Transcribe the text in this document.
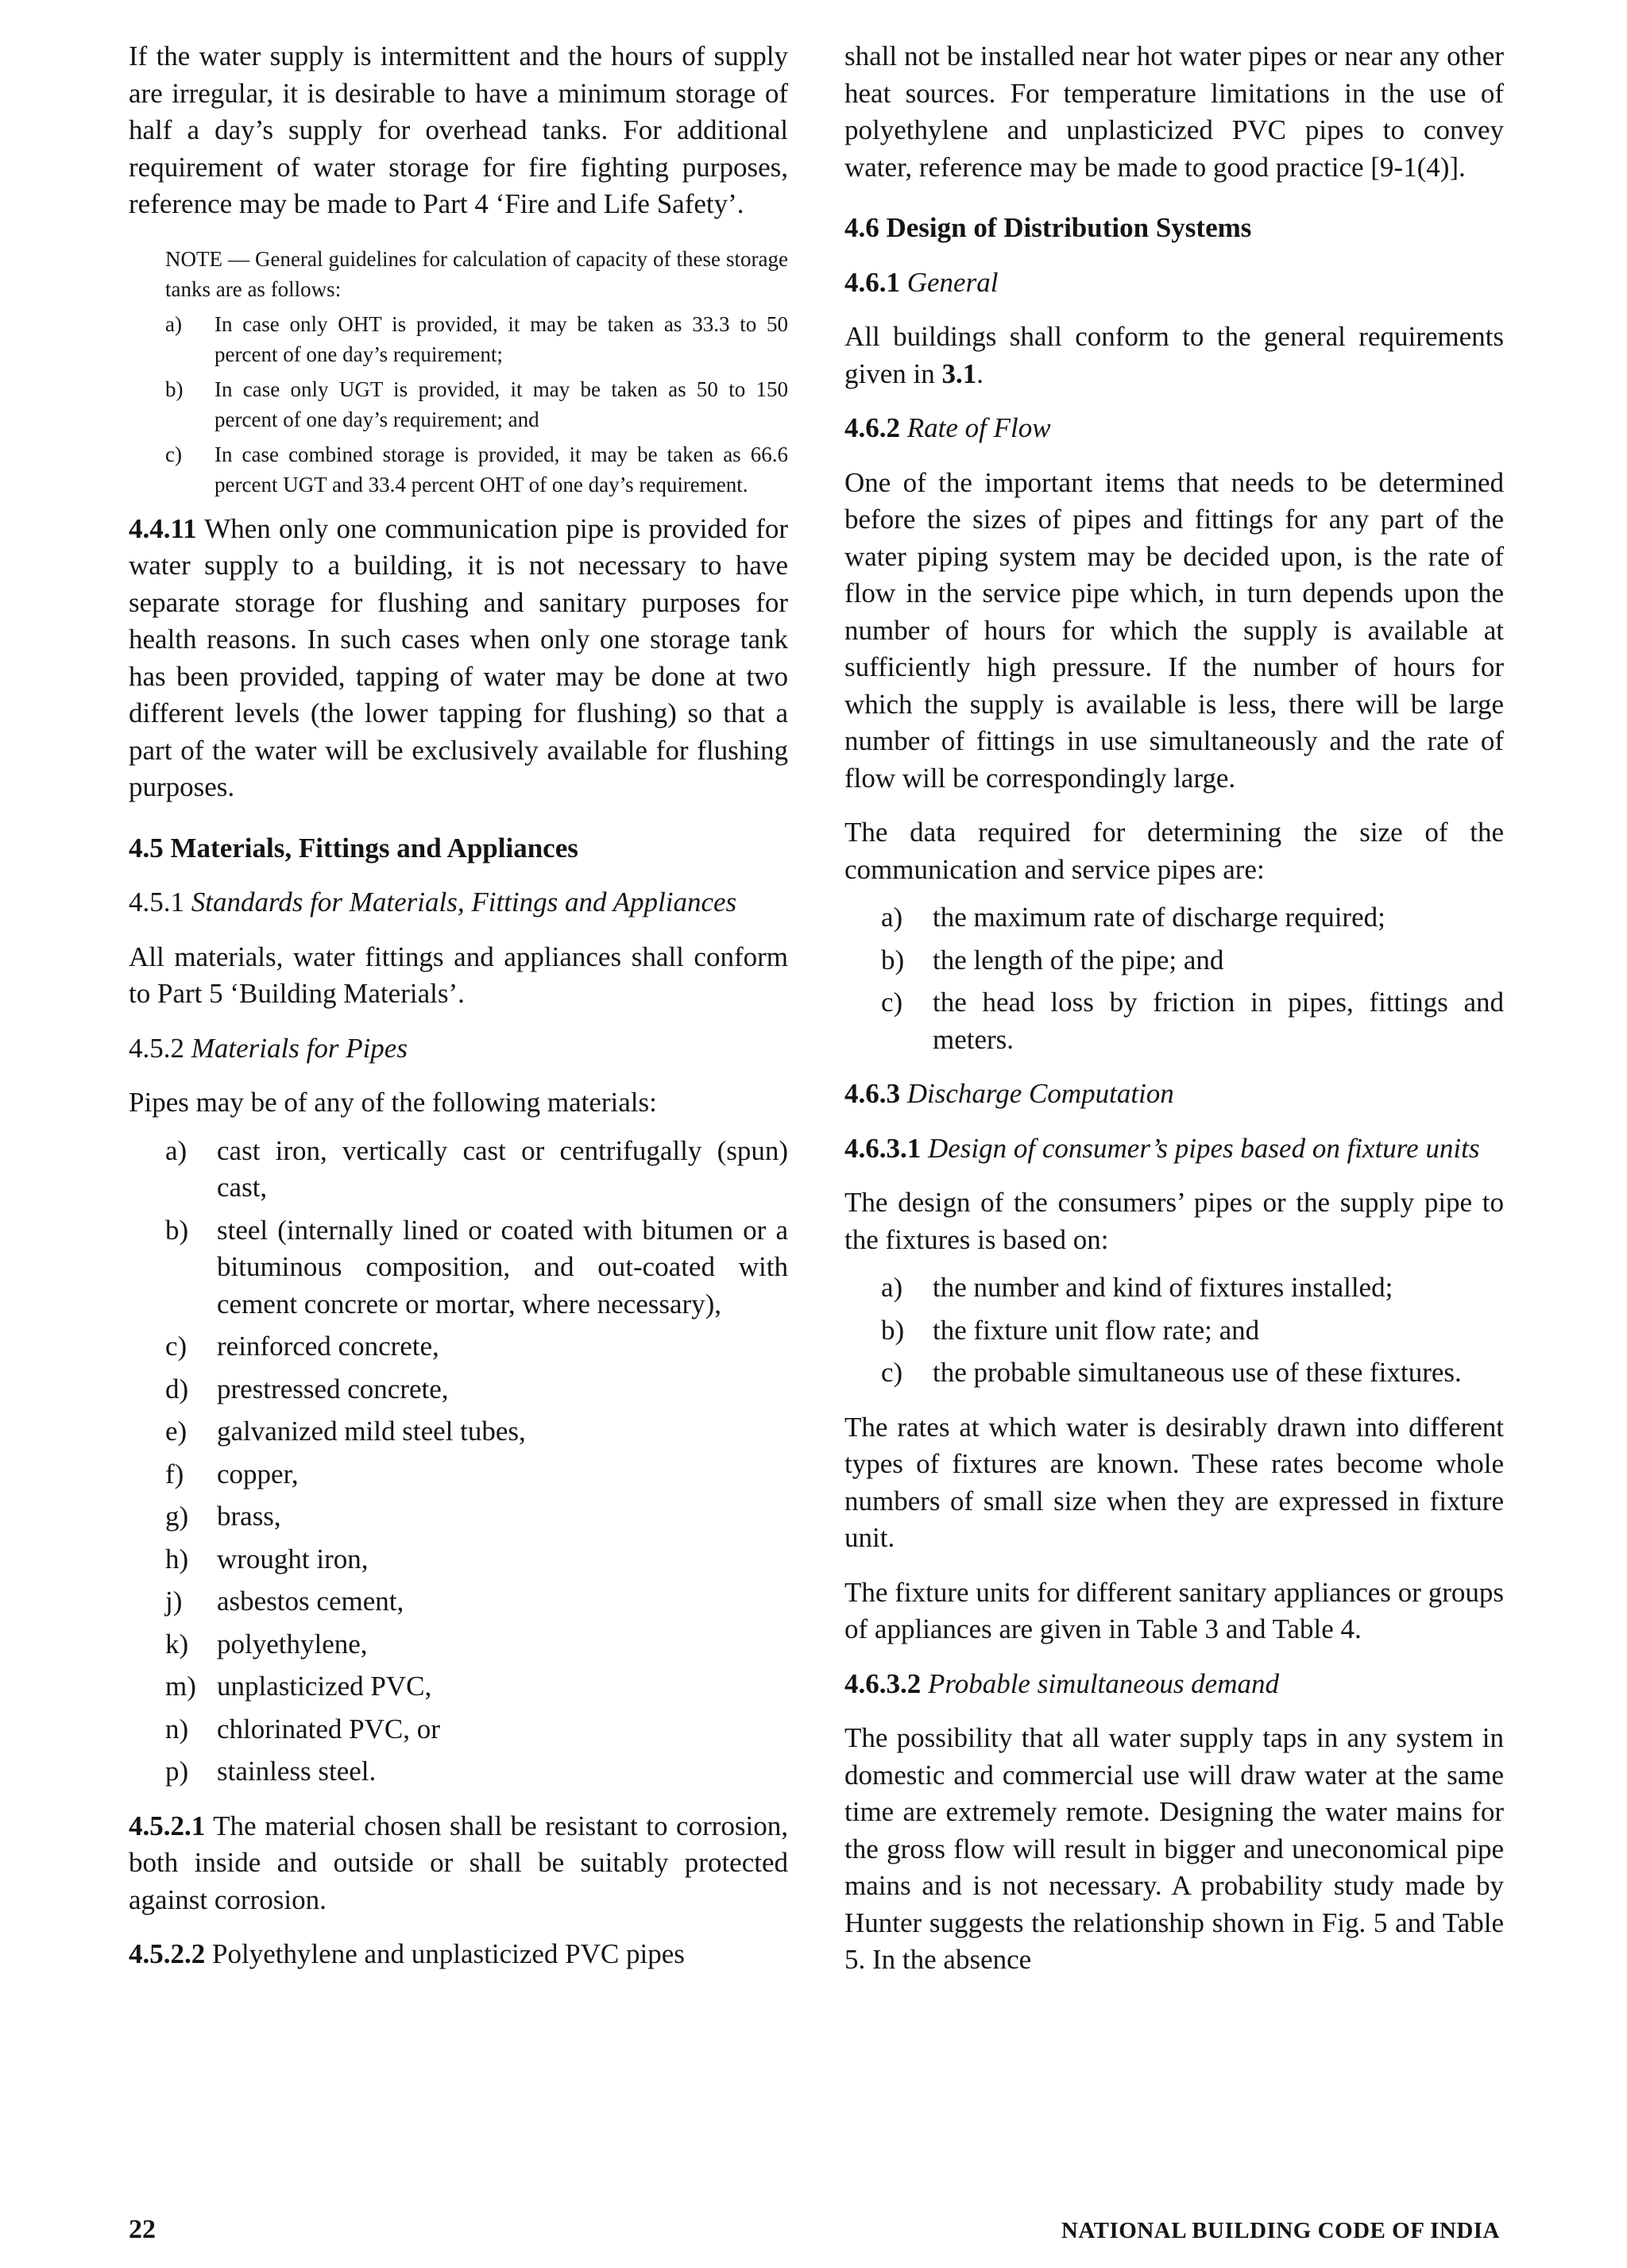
If the water supply is intermittent and the hours of supply are irregular, it is desirable to have a minimum storage of half a day’s supply for overhead tanks. For additional requirement of water storage for fire fighting purposes, reference may be made to Part 4 ‘Fire and Life Safety’.

NOTE — General guidelines for calculation of capacity of these storage tanks are as follows:

a)	In case only OHT is provided, it may be taken as 33.3 to 50 percent of one day’s requirement;
b)	In case only UGT is provided, it may be taken as 50 to 150 percent of one day’s requirement; and
c)	In case combined storage is provided, it may be taken as 66.6 percent UGT and 33.4 percent OHT of one day’s requirement.

4.4.11 When only one communication pipe is provided for water supply to a building, it is not necessary to have separate storage for flushing and sanitary purposes for health reasons. In such cases when only one storage tank has been provided, tapping of water may be done at two different levels (the lower tapping for flushing) so that a part of the water will be exclusively available for flushing purposes.

4.5 Materials, Fittings and Appliances

4.5.1 Standards for Materials, Fittings and Appliances

All materials, water fittings and appliances shall conform to Part 5 ‘Building Materials’.

4.5.2 Materials for Pipes

Pipes may be of any of the following materials:

a)	cast iron, vertically cast or centrifugally (spun) cast,
b)	steel (internally lined or coated with bitumen or a bituminous composition, and out-coated with cement concrete or mortar, where necessary),
c)	reinforced concrete,
d)	prestressed concrete,
e)	galvanized mild steel tubes,
f)	copper,
g)	brass,
h)	wrought iron,
j)	asbestos cement,
k)	polyethylene,
m) unplasticized PVC,
n)	chlorinated PVC, or
p)	stainless steel.

4.5.2.1 The material chosen shall be resistant to corrosion, both inside and outside or shall be suitably protected against corrosion.

4.5.2.2 Polyethylene and unplasticized PVC pipes

shall not be installed near hot water pipes or near any other heat sources. For temperature limitations in the use of polyethylene and unplasticized PVC pipes to convey water, reference may be made to good practice [9-1(4)].

4.6 Design of Distribution Systems

4.6.1 General

All buildings shall conform to the general requirements given in 3.1.

4.6.2 Rate of Flow

One of the important items that needs to be determined before the sizes of pipes and fittings for any part of the water piping system may be decided upon, is the rate of flow in the service pipe which, in turn depends upon the number of hours for which the supply is available at sufficiently high pressure. If the number of hours for which the supply is available is less, there will be large number of fittings in use simultaneously and the rate of flow will be correspondingly large.

The data required for determining the size of the communication and service pipes are:

a)	the maximum rate of discharge required;
b)	the length of the pipe; and
c)	the head loss by friction in pipes, fittings and meters.

4.6.3 Discharge Computation

4.6.3.1 Design of consumer’s pipes based on fixture units

The design of the consumers’ pipes or the supply pipe to the fixtures is based on:

a)	the number and kind of fixtures installed;
b)	the fixture unit flow rate; and
c)	the probable simultaneous use of these fixtures.

The rates at which water is desirably drawn into different types of fixtures are known. These rates become whole numbers of small size when they are expressed in fixture unit.

The fixture units for different sanitary appliances or groups of appliances are given in Table 3 and Table 4.

4.6.3.2 Probable simultaneous demand

The possibility that all water supply taps in any system in domestic and commercial use will draw water at the same time are extremely remote. Designing the water mains for the gross flow will result in bigger and uneconomical pipe mains and is not necessary. A probability study made by Hunter suggests the relationship shown in Fig. 5 and Table 5. In the absence

22	NATIONAL BUILDING CODE OF INDIA
